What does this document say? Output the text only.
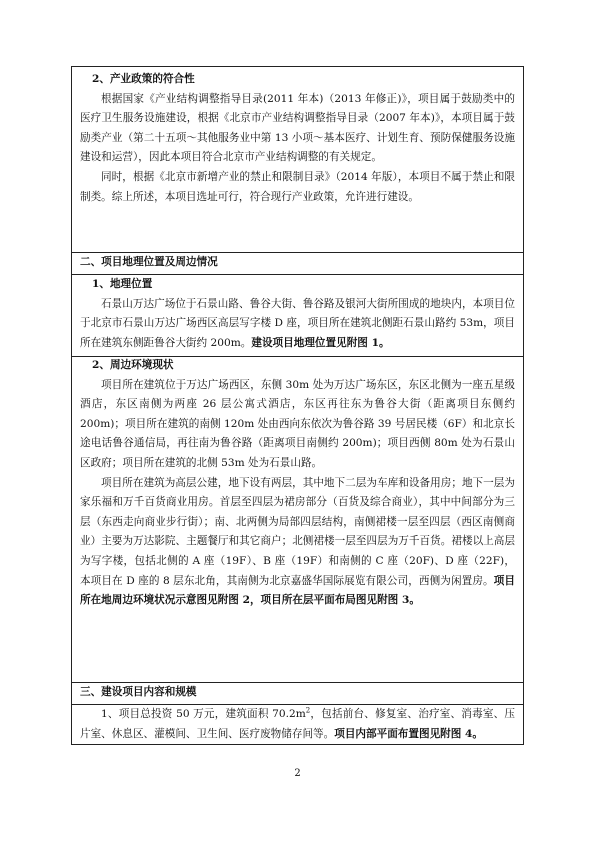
2、产业政策的符合性
根据国家《产业结构调整指导目录(2011 年本)（2013 年修正)》，项目属于鼓励类中的医疗卫生服务设施建设，根据《北京市产业结构调整指导目录（2007 年本)》，本项目属于鼓励类产业（第二十五项～其他服务业中第 13 小项～基本医疗、计划生育、预防保健服务设施建设和运营），因此本项目符合北京市产业结构调整的有关规定。
同时，根据《北京市新增产业的禁止和限制目录》（2014 年版），本项目不属于禁止和限制类。综上所述，本项目选址可行，符合现行产业政策，允许进行建设。
二、项目地理位置及周边情况
1、地理位置
石景山万达广场位于石景山路、鲁谷大街、鲁谷路及银河大街所围成的地块内，本项目位于北京市石景山万达广场西区高层写字楼 D 座，项目所在建筑北侧距石景山路约 53m，项目所在建筑东侧距鲁谷大街约 200m。建设项目地理位置见附图 1。
2、周边环境现状
项目所在建筑位于万达广场西区，东侧 30m 处为万达广场东区，东区北侧为一座五星级酒店，东区南侧为两座 26 层公寓式酒店，东区再往东为鲁谷大街（距离项目东侧约 200m)；项目所在建筑的南侧 120m 处由西向东依次为鲁谷路 39 号居民楼（6F）和北京长途电话鲁谷通信局，再往南为鲁谷路（距离项目南侧约 200m)；项目西侧 80m 处为石景山区政府；项目所在建筑的北侧 53m 处为石景山路。
项目所在建筑为高层公建，地下设有两层，其中地下二层为车库和设备用房；地下一层为家乐福和万千百货商业用房。首层至四层为裙房部分（百货及综合商业），其中中间部分为三层（东西走向商业步行街）；南、北两侧为局部四层结构，南侧裙楼一层至四层（西区南侧商业）主要为万达影院、主题餐厅和其它商户；北侧裙楼一层至四层为万千百货。裙楼以上高层为写字楼，包括北侧的 A 座（19F）、B 座（19F）和南侧的 C 座（20F)、D 座（22F)，本项目在 D 座的 8 层东北角，其南侧为北京嘉盛华国际展览有限公司，西侧为闲置房。项目所在地周边环境状况示意图见附图 2，项目所在层平面布局图见附图 3。
三、建设项目内容和规模
1、项目总投资 50 万元，建筑面积 $70.2m^2$，包括前台、修复室、治疗室、消毒室、压片室、休息区、灌模间、卫生间、医疗废物储存间等。项目内部平面布置图见附图 4。
2
